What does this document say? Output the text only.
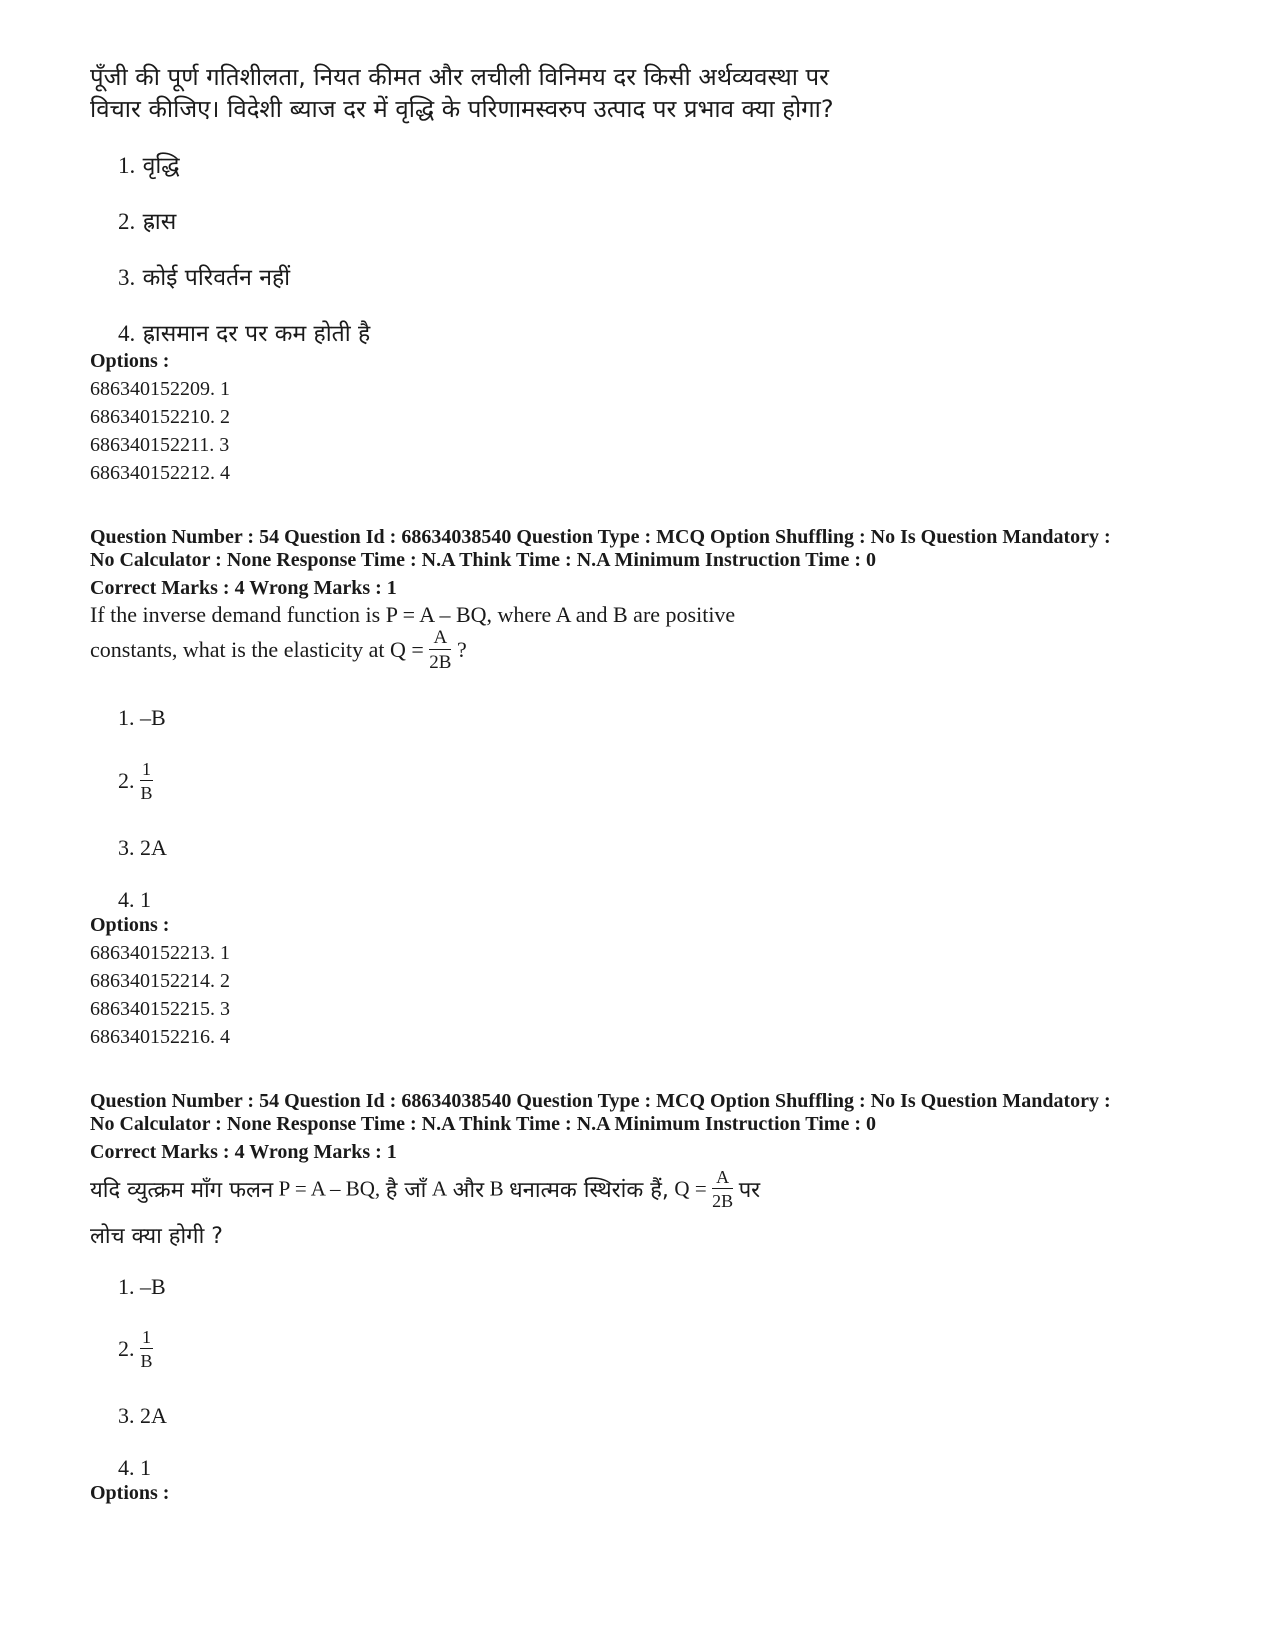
पूँजी की पूर्ण गतिशीलता, नियत कीमत और लचीली विनिमय दर किसी अर्थव्यवस्था पर
विचार कीजिए। विदेशी ब्याज दर में वृद्धि के परिणामस्वरुप उत्पाद पर प्रभाव क्या होगा?
1. वृद्धि
2. ह्रास
3. कोई परिवर्तन नहीं
4. ह्रासमान दर पर कम होती है
Options :
686340152209. 1
686340152210. 2
686340152211. 3
686340152212. 4
Question Number : 54 Question Id : 68634038540 Question Type : MCQ Option Shuffling : No Is Question Mandatory :
No Calculator : None Response Time : N.A Think Time : N.A Minimum Instruction Time : 0
Correct Marks : 4 Wrong Marks : 1
If the inverse demand function is P = A – BQ, where A and B are positive
constants, what is the elasticity at $Q = \frac{A}{2B}$ ?
1. –B
2. $\frac{1}{B}$
3. 2A
4. 1
Options :
686340152213. 1
686340152214. 2
686340152215. 3
686340152216. 4
Question Number : 54 Question Id : 68634038540 Question Type : MCQ Option Shuffling : No Is Question Mandatory :
No Calculator : None Response Time : N.A Think Time : N.A Minimum Instruction Time : 0
Correct Marks : 4 Wrong Marks : 1
यदि व्युत्क्रम माँग फलन P = A – BQ, है जाँ A और B धनात्मक स्थिरांक हैं, $Q = \frac{A}{2B}$ पर
लोच क्या होगी ?
1. –B
2. $\frac{1}{B}$
3. 2A
4. 1
Options :
